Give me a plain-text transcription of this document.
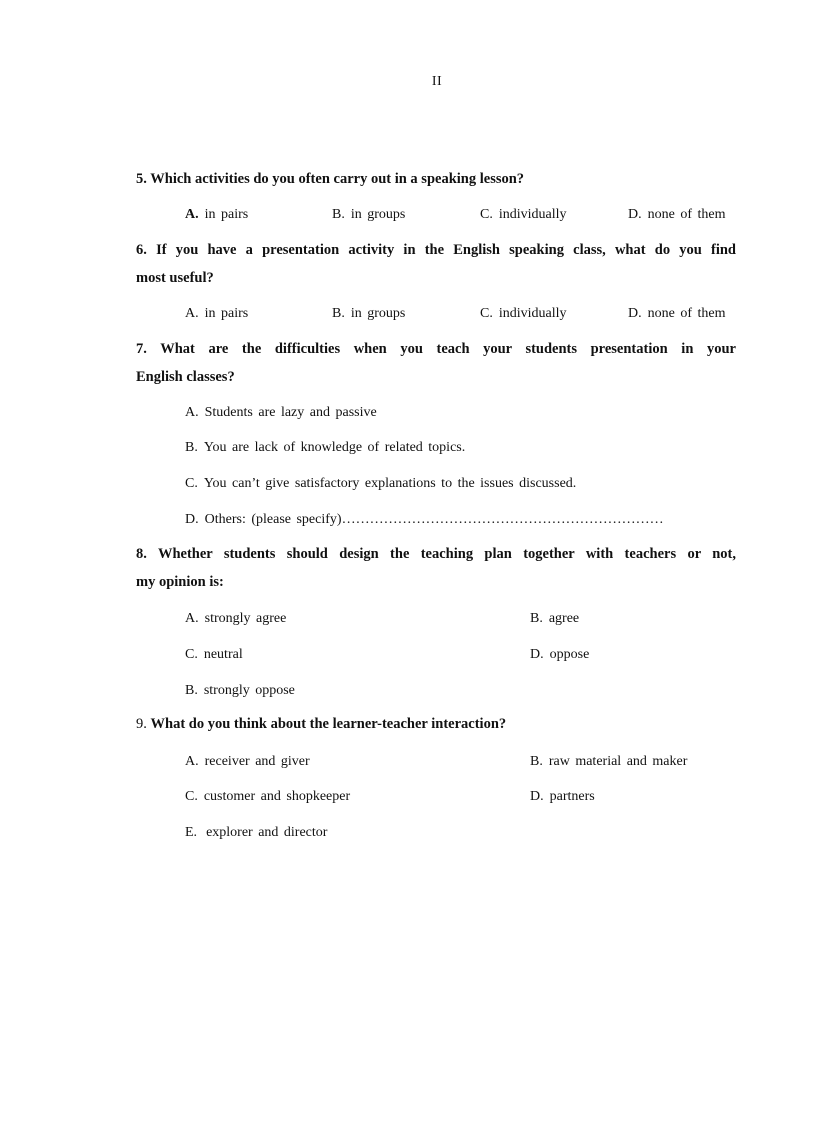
II
5. Which activities do you often carry out in a speaking lesson?
A. in pairs	B. in groups	C. individually	D. none of them
6. If you have a presentation activity in the English speaking class, what do you find
most useful?
A. in pairs	B. in groups	C. individually	D. none of them
7. What are the difficulties when you teach your students presentation in your
English classes?
A. Students are lazy and passive
B. You are lack of knowledge of related topics.
C. You can’t give satisfactory explanations to the issues discussed.
D. Others: (please specify)……………………………………………………………
8. Whether students should design the teaching plan together with teachers or not,
my opinion is:
A. strongly agree	B. agree
C. neutral	D. oppose
B. strongly oppose
9. What do you think about the learner-teacher interaction?
A. receiver and giver	B. raw material and maker
C. customer and shopkeeper	D. partners
E. explorer and director
